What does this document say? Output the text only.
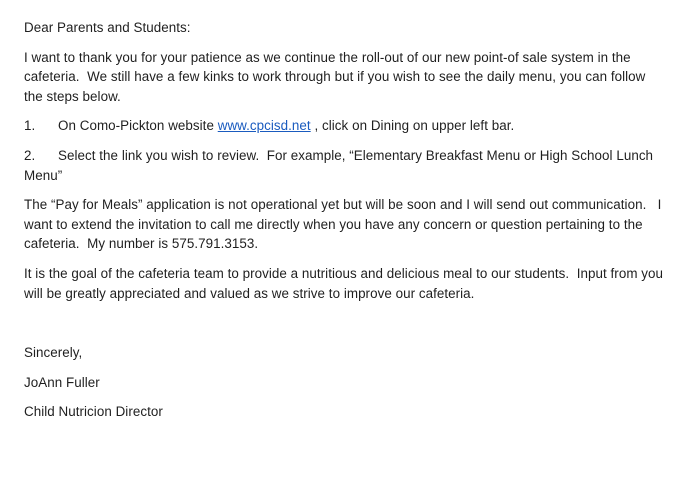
Dear Parents and Students:

I want to thank you for your patience as we continue the roll-out of our new point-of sale system in the cafeteria.  We still have a few kinks to work through but if you wish to see the daily menu, you can follow the steps below.

1. On Como-Pickton website www.cpcisd.net , click on Dining on upper left bar.

2. Select the link you wish to review.  For example, “Elementary Breakfast Menu or High School Lunch Menu”

The “Pay for Meals” application is not operational yet but will be soon and I will send out communication.   I want to extend the invitation to call me directly when you have any concern or question pertaining to the cafeteria.  My number is 575.791.3153.

It is the goal of the cafeteria team to provide a nutritious and delicious meal to our students.  Input from you will be greatly appreciated and valued as we strive to improve our cafeteria.

Sincerely,

JoAnn Fuller

Child Nutricion Director
